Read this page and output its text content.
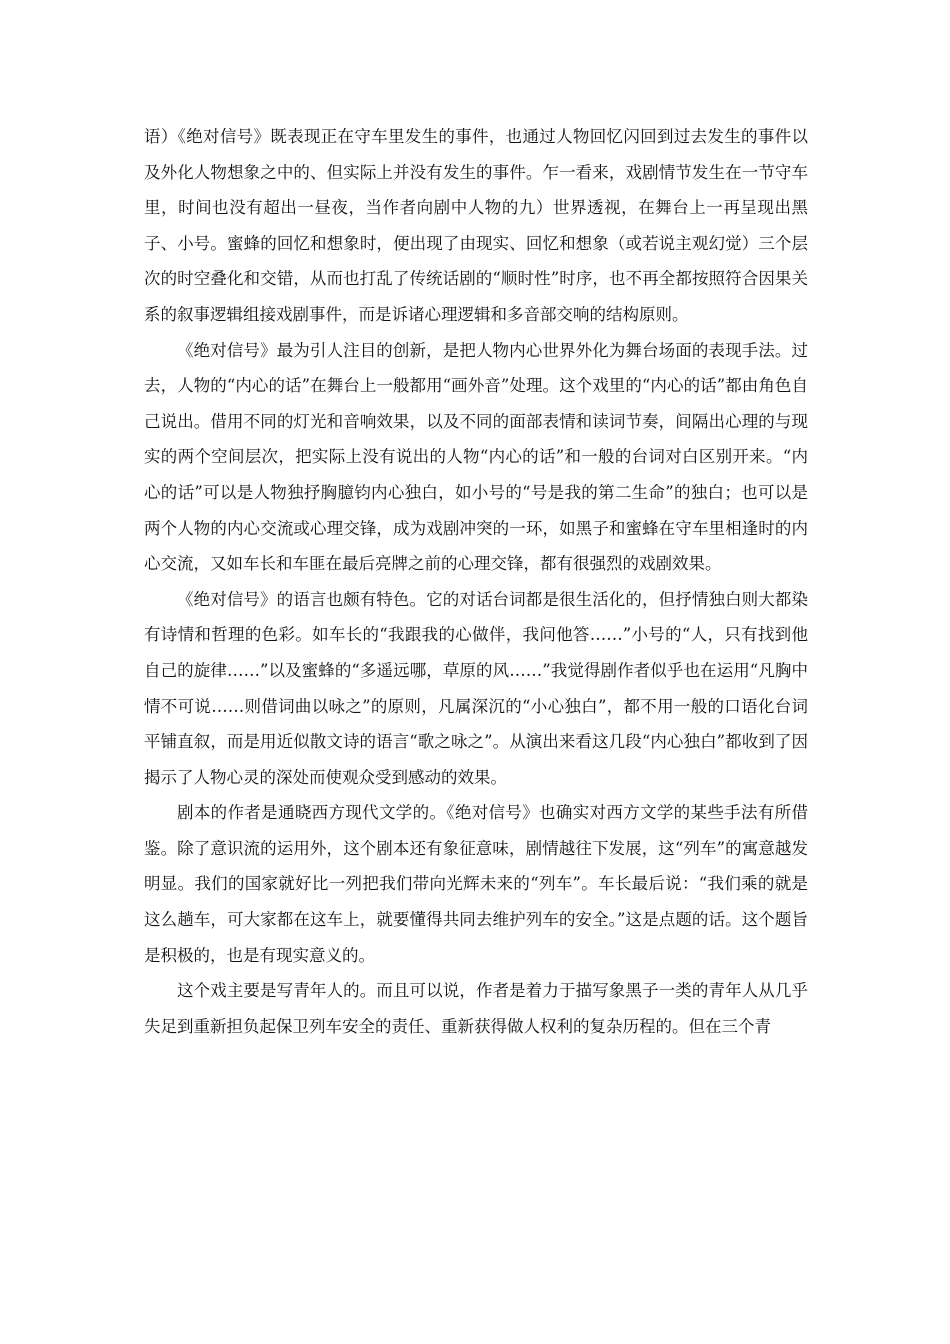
语）《绝对信号》既表现正在守车里发生的事件，也通过人物回忆闪回到过去发生的事件以及外化人物想象之中的、但实际上并没有发生的事件。乍一看来，戏剧情节发生在一节守车里，时间也没有超出一昼夜，当作者向剧中人物的九）世界透视，在舞台上一再呈现出黑子、小号。蜜蜂的回忆和想象时，便出现了由现实、回忆和想象（或若说主观幻觉）三个层次的时空叠化和交错，从而也打乱了传统话剧的“顺时性”时序，也不再全都按照符合因果关系的叙事逻辑组接戏剧事件，而是诉诸心理逻辑和多音部交响的结构原则。

《绝对信号》最为引人注目的创新，是把人物内心世界外化为舞台场面的表现手法。过去，人物的“内心的话”在舞台上一般都用“画外音”处理。这个戏里的“内心的话”都由角色自己说出。借用不同的灯光和音响效果，以及不同的面部表情和读词节奏，间隔出心理的与现实的两个空间层次，把实际上没有说出的人物“内心的话”和一般的台词对白区别开来。“内心的话”可以是人物独抒胸臆钧内心独白，如小号的“号是我的第二生命”的独白；也可以是两个人物的内心交流或心理交锋，成为戏剧冲突的一环，如黑子和蜜蜂在守车里相逢时的内心交流，又如车长和车匪在最后亮牌之前的心理交锋，都有很强烈的戏剧效果。

《绝对信号》的语言也颇有特色。它的对话台词都是很生活化的，但抒情独白则大都染有诗情和哲理的色彩。如车长的“我跟我的心做伴，我问他答……”小号的“人，只有找到他自己的旋律……”以及蜜蜂的“多遥远哪，草原的风……”我觉得剧作者似乎也在运用“凡胸中情不可说……则借词曲以咏之”的原则，凡属深沉的“小心独白”，都不用一般的口语化台词平铺直叙，而是用近似散文诗的语言“歌之咏之”。从演出来看这几段“内心独白”都收到了因揭示了人物心灵的深处而使观众受到感动的效果。

剧本的作者是通晓西方现代文学的。《绝对信号》也确实对西方文学的某些手法有所借鉴。除了意识流的运用外，这个剧本还有象征意味，剧情越往下发展，这“列车”的寓意越发明显。我们的国家就好比一列把我们带向光辉未来的“列车”。车长最后说：“我们乘的就是这么趟车，可大家都在这车上，就要懂得共同去维护列车的安全。”这是点题的话。这个题旨是积极的，也是有现实意义的。

这个戏主要是写青年人的。而且可以说，作者是着力于描写象黑子一类的青年人从几乎失足到重新担负起保卫列车安全的责任、重新获得做人权利的复杂历程的。但在三个青
